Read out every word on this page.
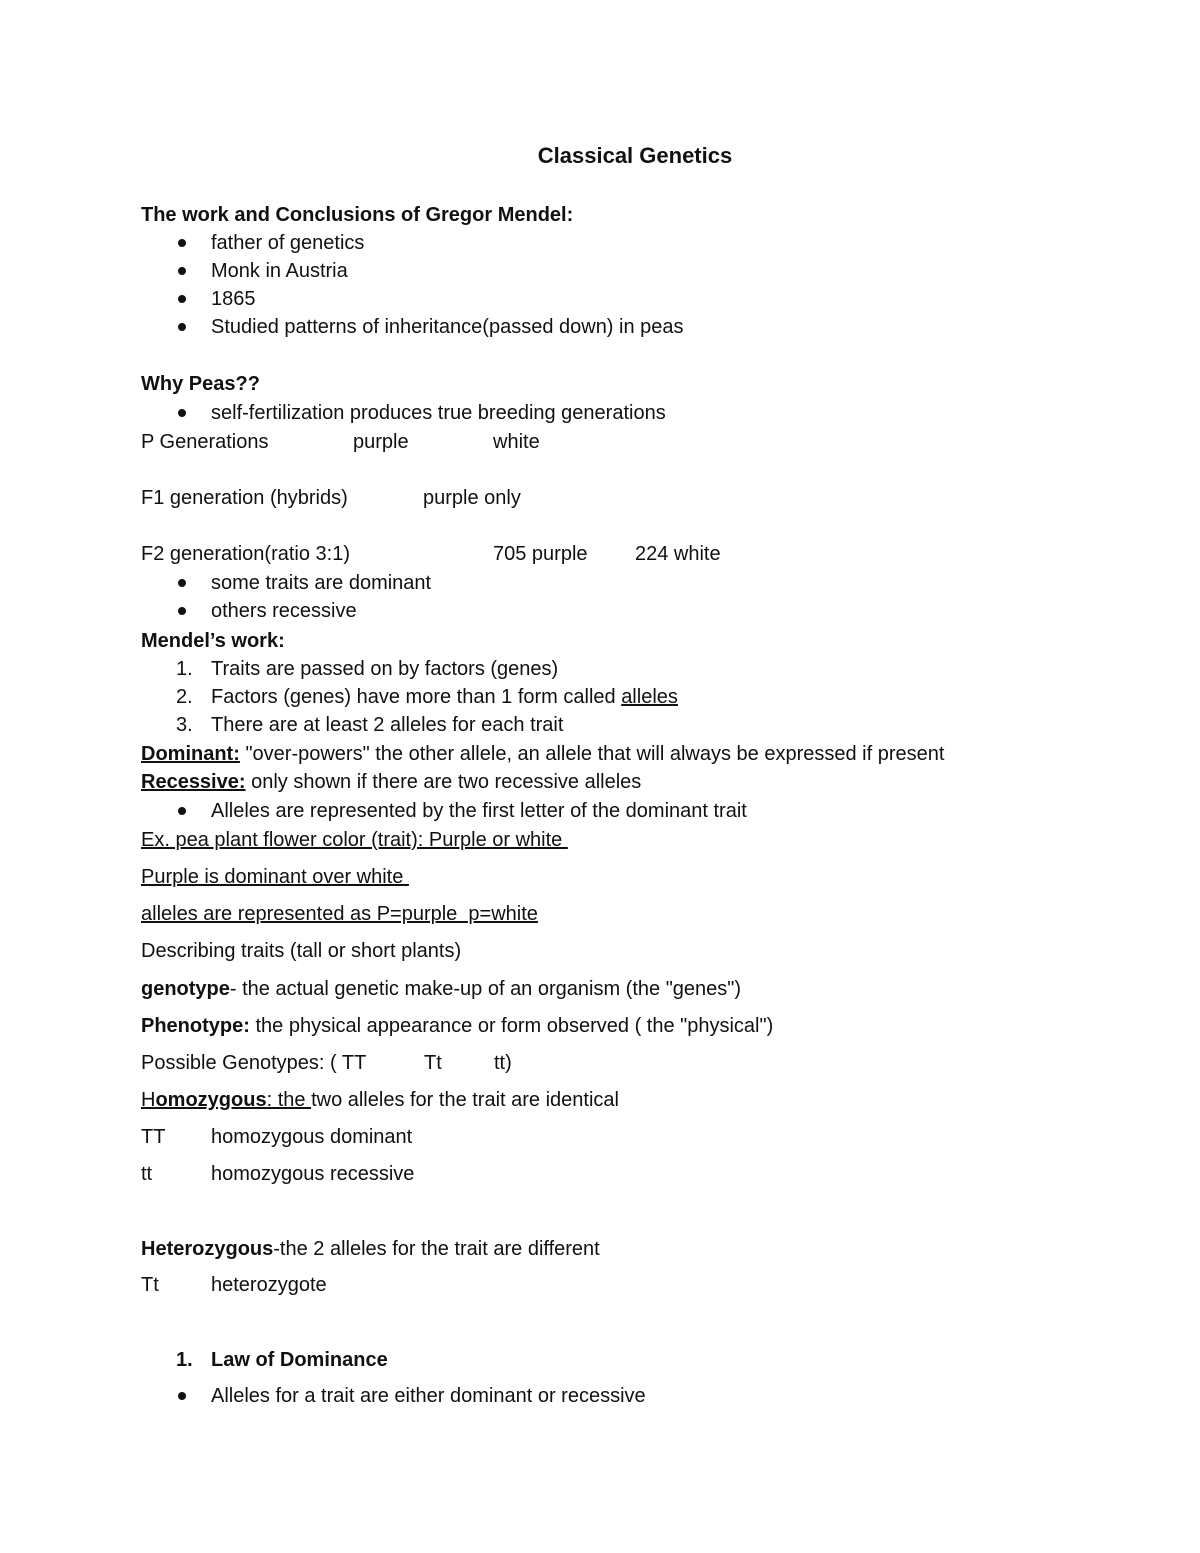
Classical Genetics
The work and Conclusions of Gregor Mendel:
father of genetics
Monk in Austria
1865
Studied patterns of inheritance(passed down) in peas
Why Peas??
self-fertilization produces true breeding generations
P Generations	purple	white
F1 generation (hybrids)	purple only
F2 generation(ratio 3:1)	705 purple 224 white
some traits are dominant
others recessive
Mendel’s work:
1. Traits are passed on by factors (genes)
2. Factors (genes) have more than 1 form called alleles
3. There are at least 2 alleles for each trait
Dominant: "over-powers" the other allele, an allele that will always be expressed if present
Recessive: only shown if there are two recessive alleles
Alleles are represented by the first letter of the dominant trait
Ex. pea plant flower color (trait): Purple or white
Purple is dominant over white
alleles are represented as P=purple  p=white
Describing traits (tall or short plants)
genotype- the actual genetic make-up of an organism (the "genes")
Phenotype: the physical appearance or form observed ( the "physical")
Possible Genotypes: ( TT	Tt	tt)
Homozygous: the two alleles for the trait are identical
TT homozygous dominant
tt	homozygous recessive
Heterozygous-the 2 alleles for the trait are different
Tt	heterozygote
1. Law of Dominance
Alleles for a trait are either dominant or recessive
